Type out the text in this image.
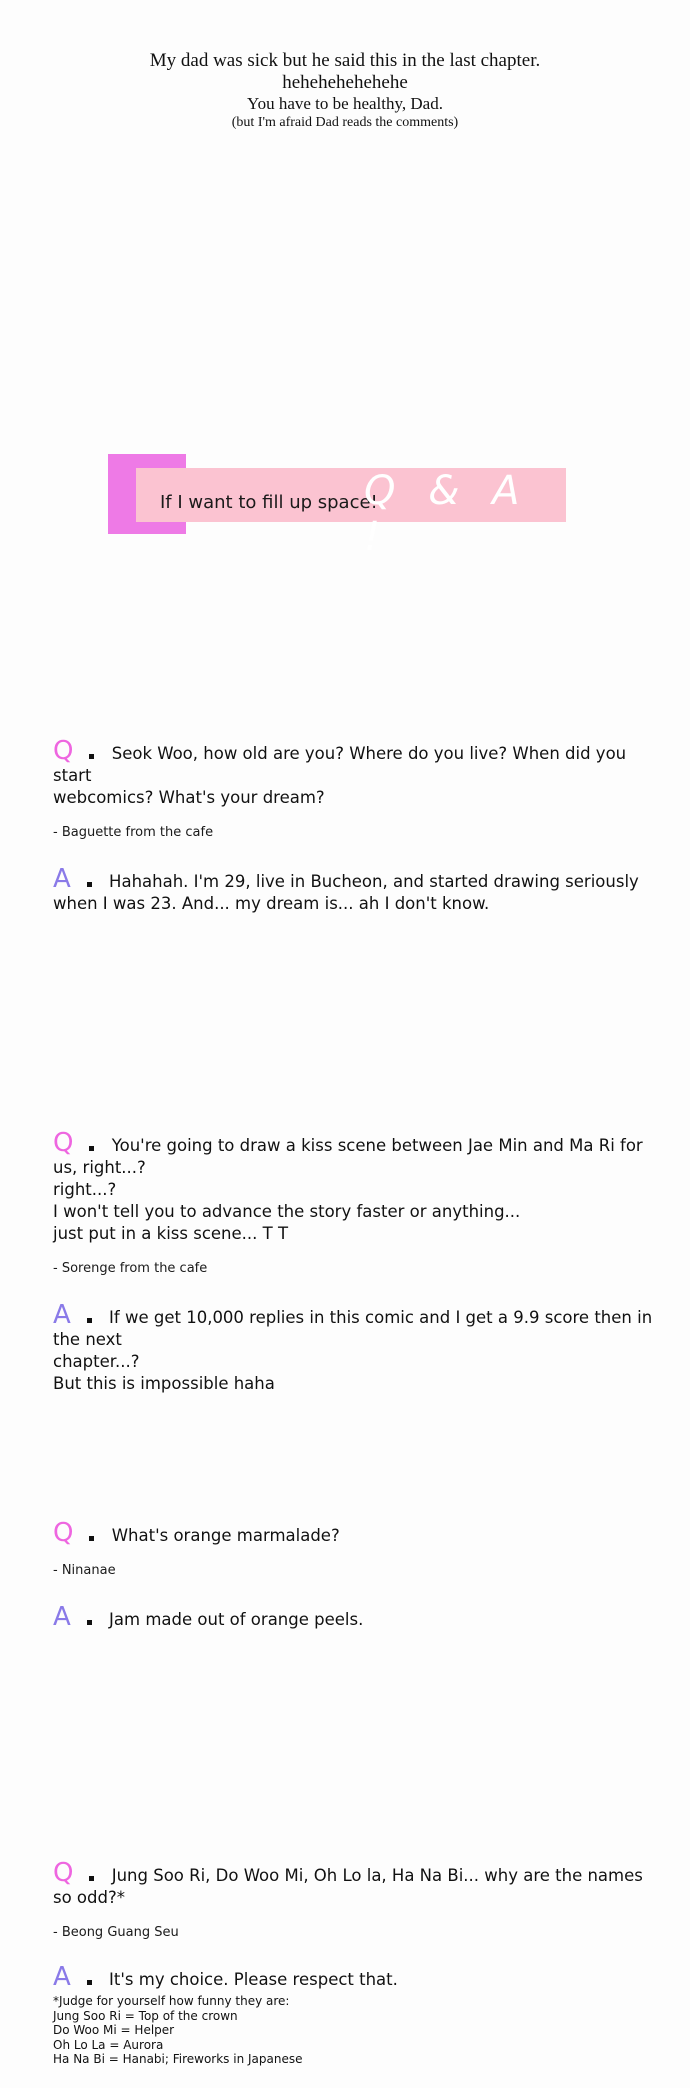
My dad was sick but he said this in the last chapter.
hehehehehehehe
You have to be healthy, Dad.
(but I'm afraid Dad reads the comments)
If I want to fill up space!
Q & A !
Q Seok Woo, how old are you? Where do you live? When did you start
webcomics? What's your dream?
- Baguette from the cafe
A Hahahah. I'm 29, live in Bucheon, and started drawing seriously
when I was 23. And... my dream is... ah I don't know.
Q You're going to draw a kiss scene between Jae Min and Ma Ri for us, right...?
right...?
I won't tell you to advance the story faster or anything...
just put in a kiss scene... T T
- Sorenge from the cafe
A If we get 10,000 replies in this comic and I get a 9.9 score then in the next
chapter...?
But this is impossible haha
Q What's orange marmalade?
- Ninanae
A Jam made out of orange peels.
Q Jung Soo Ri, Do Woo Mi, Oh Lo la, Ha Na Bi... why are the names so odd?*
- Beong Guang Seu
A It's my choice. Please respect that.
*Judge for yourself how funny they are:
Jung Soo Ri = Top of the crown
Do Woo Mi = Helper
Oh Lo La = Aurora
Ha Na Bi = Hanabi; Fireworks in Japanese
